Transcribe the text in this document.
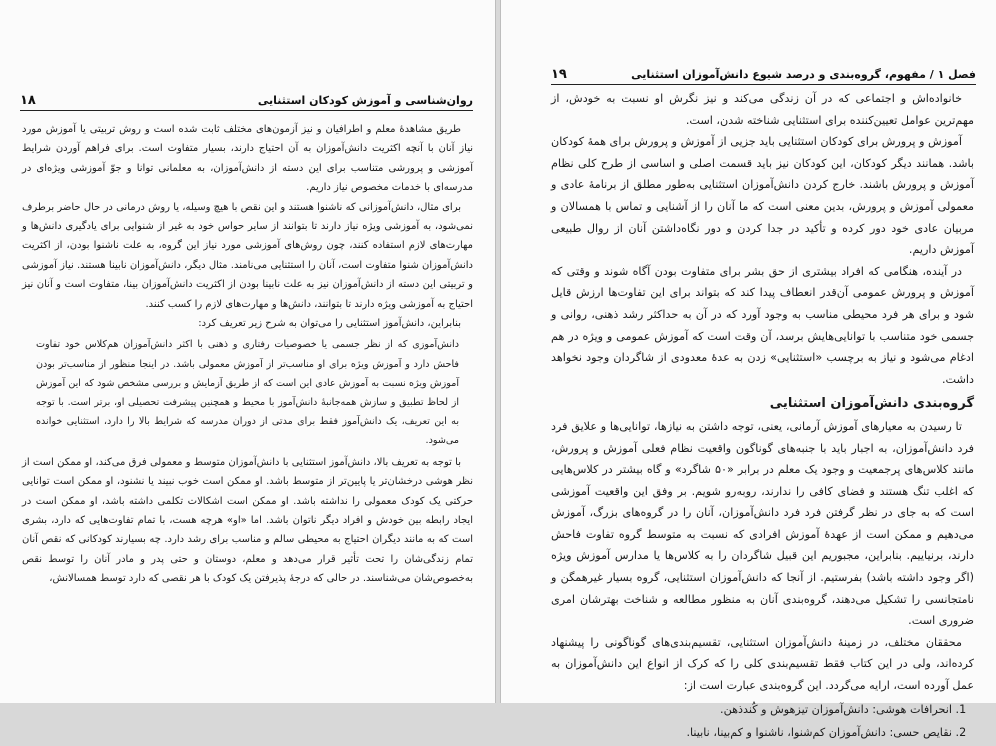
روان‌شناسی و آموزش کودکان استثنایی
۱۸

طریق مشاهدهٔ معلم و اطرافیان و نیز آزمون‌های مختلف ثابت شده است و روش تربیتی یا آموزش مورد نیاز آنان با آنچه اکثریت دانش‌آموزان به آن احتیاج دارند، بسیار متفاوت است. برای فراهم آوردن شرایط آموزشی و پرورشی متناسب برای این دسته از دانش‌آموزان، به معلمانی توانا و جوّ آموزشی ویژه‌ای در مدرسه‌ای با خدمات مخصوص نیاز داریم.

برای مثال، دانش‌آموزانی که ناشنوا هستند و این نقص با هیچ وسیله، یا روش درمانی در حال حاضر برطرف نمی‌شود، به آموزشی ویژه نیاز دارند تا بتوانند از سایر حواس خود به غیر از شنوایی برای یادگیری دانش‌ها و مهارت‌های لازم استفاده کنند، چون روش‌های آموزشی مورد نیاز این گروه، به علت ناشنوا بودن، از اکثریت دانش‌آموزان شنوا متفاوت است، آنان را استثنایی می‌نامند. مثال دیگر، دانش‌آموزان نابینا هستند. نیاز آموزشی و تربیتی این دسته از دانش‌آموزان نیز به علت نابینا بودن از اکثریت دانش‌آموزان بینا، متفاوت است و آنان نیز احتیاج به آموزشی ویژه دارند تا بتوانند، دانش‌ها و مهارت‌های لازم را کسب کنند.

بنابراین، دانش‌آموز استثنایی را می‌توان به شرح زیر تعریف کرد:

دانش‌آموزی که از نظر جسمی یا خصوصیات رفتاری و ذهنی با اکثر دانش‌آموزان هم‌کلاس خود تفاوت فاحش دارد و آموزش ویژه برای او مناسب‌تر از آموزش معمولی باشد. در اینجا منظور از مناسب‌تر بودن آموزش ویژه نسبت به آموزش عادی این است که از طریق آزمایش و بررسی مشخص شود که این آموزش از لحاظ تطبیق و سازش همه‌جانبهٔ دانش‌آموز با محیط و همچنین پیشرفت تحصیلی او، برتر است. با توجه به این تعریف، یک دانش‌آموز فقط برای مدتی از دوران مدرسه که شرایط بالا را دارد، استثنایی خوانده می‌شود.

با توجه به تعریف بالا، دانش‌آموز استثنایی با دانش‌آموزان متوسط و معمولی فرق می‌کند، او ممکن است از نظر هوشی درخشان‌تر یا پایین‌تر از متوسط باشد. او ممکن است خوب نبیند یا نشنود، او ممکن است توانایی حرکتی یک کودک معمولی را نداشته باشد. او ممکن است اشکالات تکلمی داشته باشد، او ممکن است در ایجاد رابطه بین خودش و افراد دیگر ناتوان باشد. اما «او» هرچه هست، با تمام تفاوت‌هایی که دارد، بشری است که به مانند دیگران احتیاج به محیطی سالم و مناسب برای رشد دارد. چه بسیارند کودکانی که نقص آنان تمام زندگی‌شان را تحت تأثیر قرار می‌دهد و معلم، دوستان و حتی پدر و مادر آنان را توسط نقص به‌خصوص‌شان می‌شناسند. در حالی که درجهٔ پذیرفتن یک کودک با هر نقصی که دارد توسط همسالانش،

فصل ۱ / مفهوم، گروه‌بندی و درصد شیوع دانش‌آموزان استثنایی
۱۹

خانواده‌اش و اجتماعی که در آن زندگی می‌کند و نیز نگرش او نسبت به خودش، از مهم‌ترین عوامل تعیین‌کننده برای استثنایی شناخته شدن، است.

آموزش و پرورش برای کودکان استثنایی باید جزیی از آموزش و پرورش برای همهٔ کودکان باشد. همانند دیگر کودکان، این کودکان نیز باید قسمت اصلی و اساسی از طرح کلی نظام آموزش و پرورش باشند. خارج کردن دانش‌آموزان استثنایی به‌طور مطلق از برنامهٔ عادی و معمولی آموزش و پرورش، بدین معنی است که ما آنان را از آشنایی و تماس با همسالان و مربیان عادی خود دور کرده و تأکید در جدا کردن و دور نگاه‌داشتن آنان از روال طبیعی آموزش داریم.

در آینده، هنگامی که افراد بیشتری از حق بشر برای متفاوت بودن آگاه شوند و وقتی که آموزش و پرورش عمومی آن‌قدر انعطاف پیدا کند که بتواند برای این تفاوت‌ها ارزش قایل شود و برای هر فرد محیطی مناسب به وجود آورد که در آن به حداکثر رشد ذهنی، روانی و جسمی خود متناسب با توانایی‌هایش برسد، آن وقت است که آموزش عمومی و ویژه در هم ادغام می‌شود و نیاز به برچسب «استثنایی» زدن به عدهٔ معدودی از شاگردان وجود نخواهد داشت.

گروه‌بندی دانش‌آموزان استثنایی

تا رسیدن به معیارهای آموزش آرمانی، یعنی، توجه داشتن به نیازها، توانایی‌ها و علایق فرد فرد دانش‌آموزان، به اجبار باید با جنبه‌های گوناگون واقعیت نظام فعلی آموزش و پرورش، مانند کلاس‌های پرجمعیت و وجود یک معلم در برابر «۵۰ شاگرد» و گاه بیشتر در کلاس‌هایی که اغلب تنگ هستند و فضای کافی را ندارند، روبه‌رو شویم. بر وفق این واقعیت آموزشی است که به جای در نظر گرفتن فرد فرد دانش‌آموزان، آنان را در گروه‌های بزرگ، آموزش می‌دهیم و ممکن است از عهدهٔ آموزش افرادی که نسبت به متوسط گروه تفاوت فاحش دارند، برنیاییم. بنابراین، مجبوریم این قبیل شاگردان را به کلاس‌ها یا مدارس آموزش ویژه (اگر وجود داشته باشد) بفرستیم. از آنجا که دانش‌آموزان استثنایی، گروه بسیار غیرهمگن و نامتجانسی را تشکیل می‌دهند، گروه‌بندی آنان به منظور مطالعه و شناخت بهترشان امری ضروری است.

محققان مختلف، در زمینهٔ دانش‌آموزان استثنایی، تقسیم‌بندی‌های گوناگونی را پیشنهاد کرده‌اند، ولی در این کتاب فقط تقسیم‌بندی کلی را که کرک از انواع این دانش‌آموزان به عمل آورده است، ارایه می‌گردد. این گروه‌بندی عبارت است از:

1. انحرافات هوشی: دانش‌آموزان تیزهوش و کُندذهن.
2. نقایص حسی: دانش‌آموزان کم‌شنوا، ناشنوا و کم‌بینا، نابینا.
